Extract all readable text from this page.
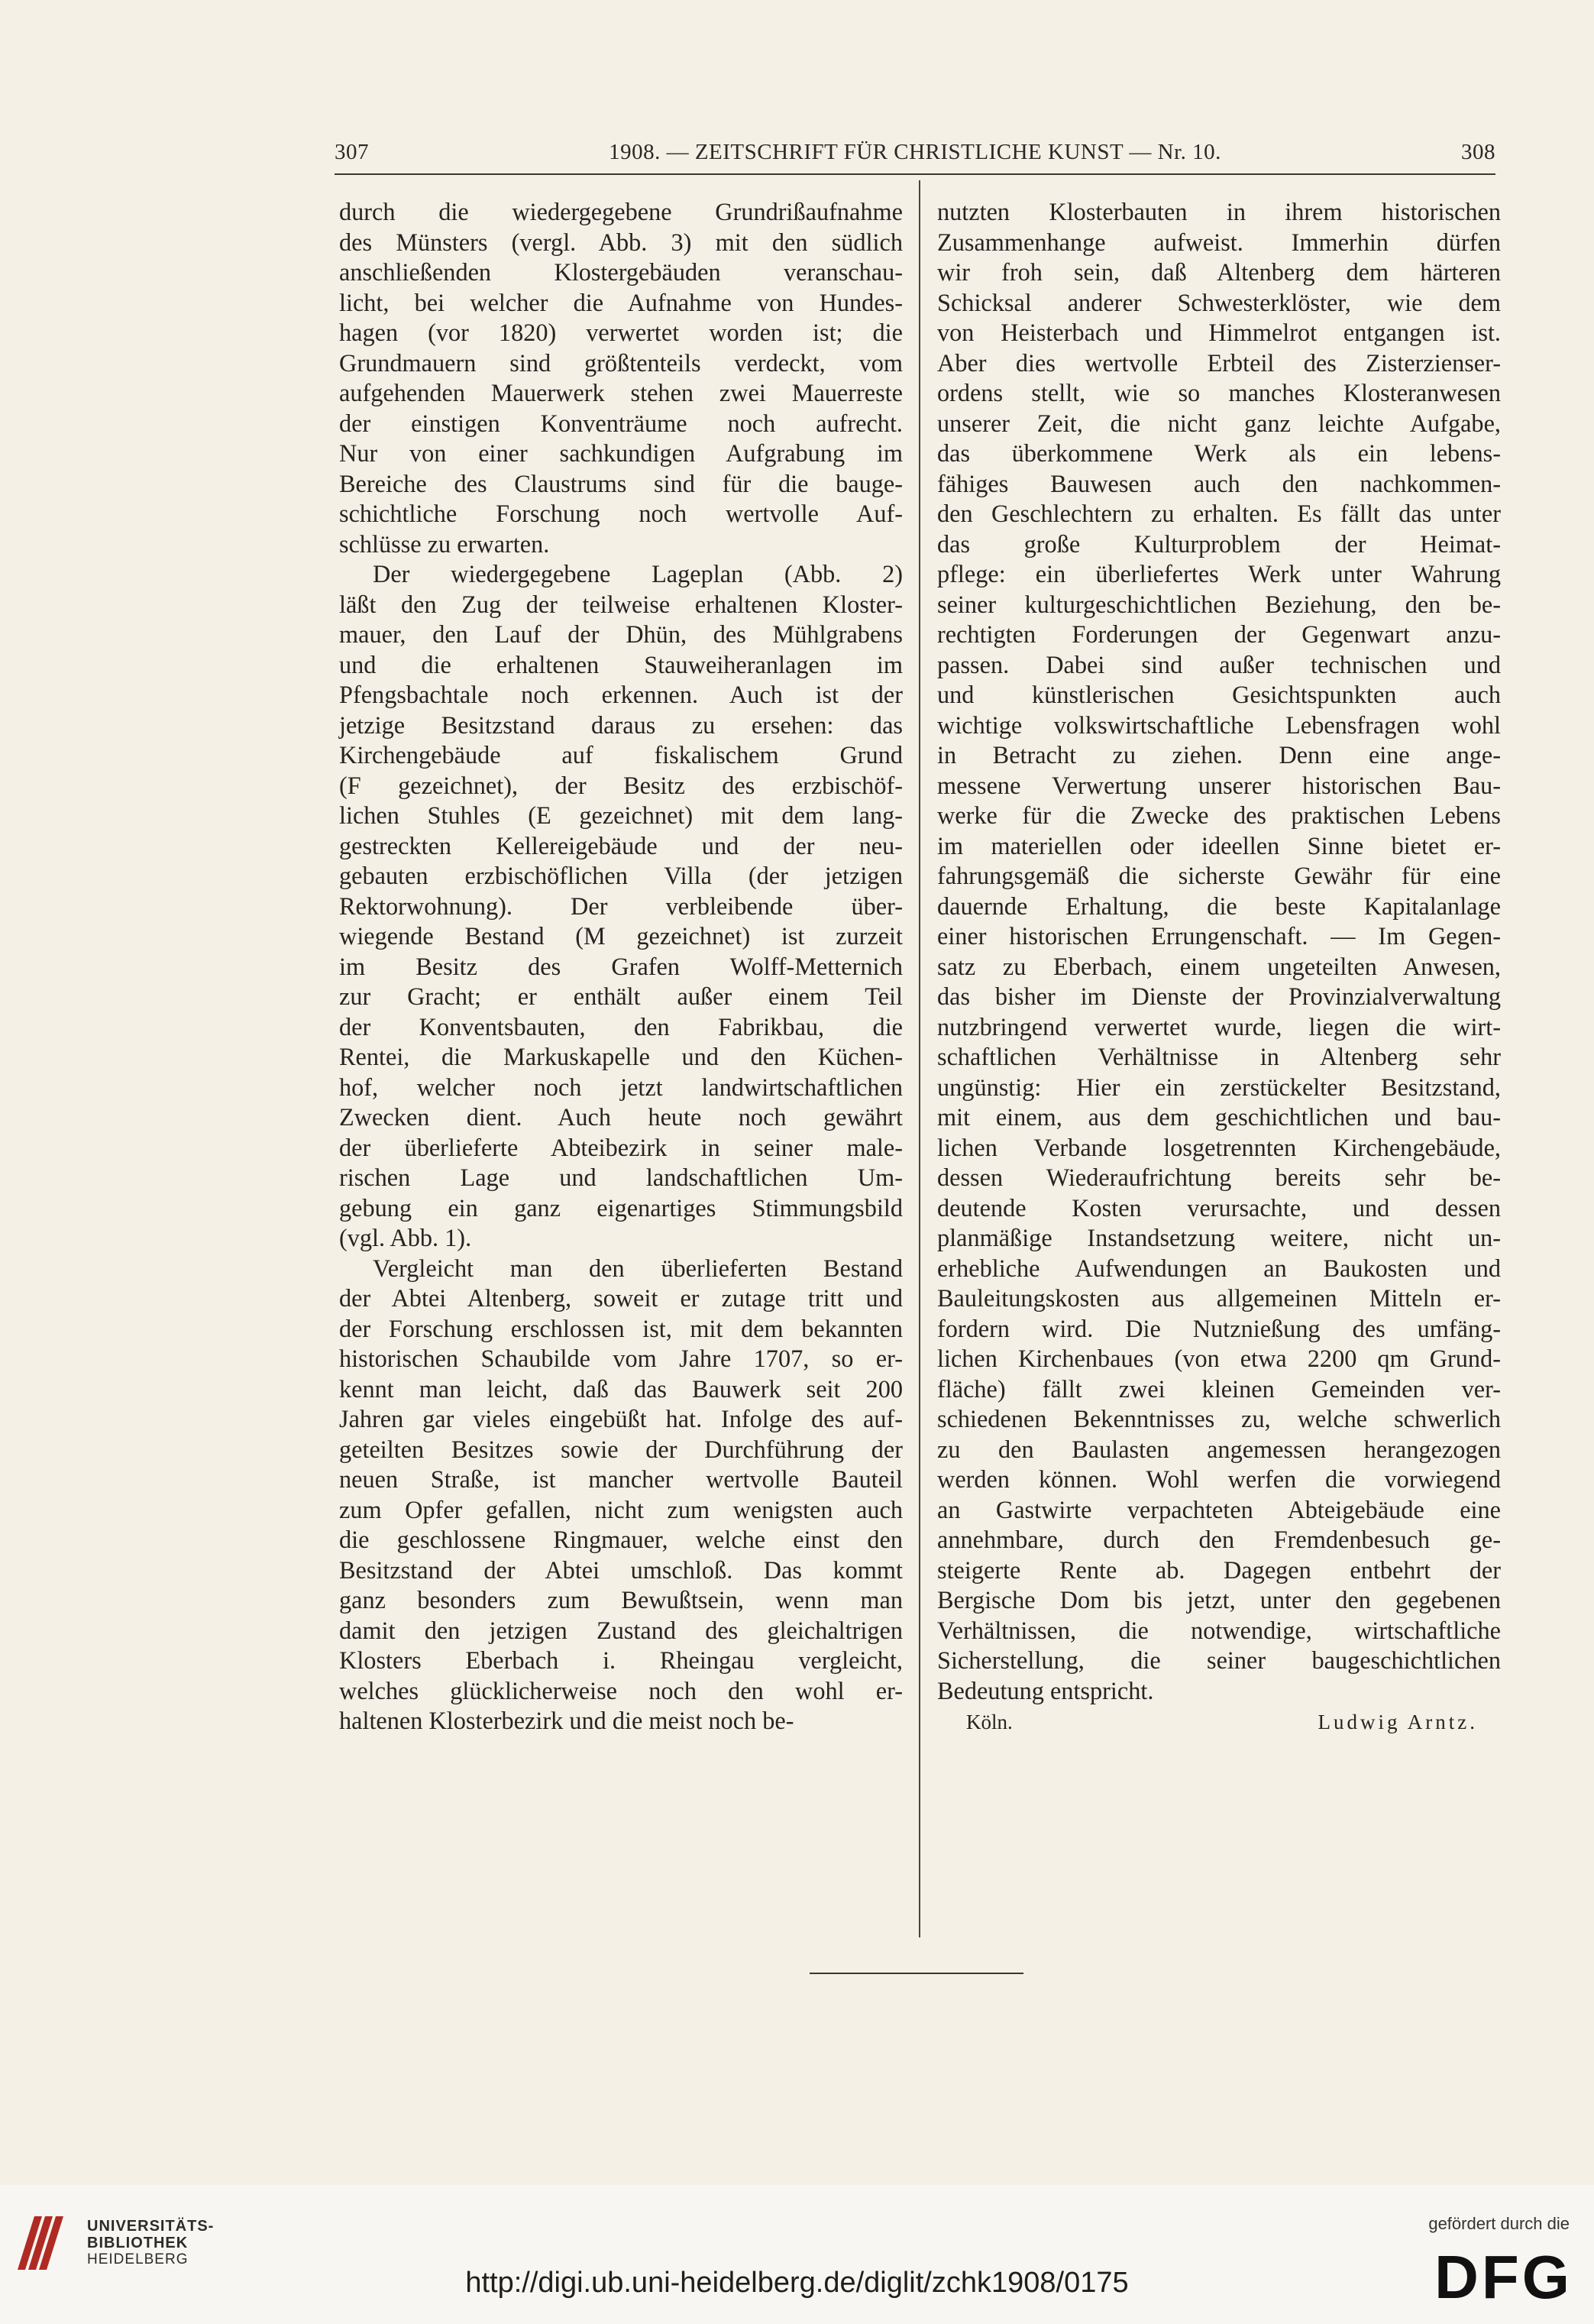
307	1908. — ZEITSCHRIFT FÜR CHRISTLICHE KUNST — Nr. 10.	308
durch die wiedergegebene Grundrißaufnahme
des Münsters (vergl. Abb. 3) mit den südlich
anschließenden Klostergebäuden veranschau-
licht, bei welcher die Aufnahme von Hundes-
hagen (vor 1820) verwertet worden ist; die
Grundmauern sind größtenteils verdeckt, vom
aufgehenden Mauerwerk stehen zwei Mauerreste
der einstigen Konventräume noch aufrecht.
Nur von einer sachkundigen Aufgrabung im
Bereiche des Claustrums sind für die bauge-
schichtliche Forschung noch wertvolle Auf-
schlüsse zu erwarten.
Der wiedergegebene Lageplan (Abb. 2)
läßt den Zug der teilweise erhaltenen Kloster-
mauer, den Lauf der Dhün, des Mühlgrabens
und die erhaltenen Stauweiheranlagen im
Pfengsbachtale noch erkennen. Auch ist der
jetzige Besitzstand daraus zu ersehen: das
Kirchengebäude auf fiskalischem Grund
(F gezeichnet), der Besitz des erzbischöf-
lichen Stuhles (E gezeichnet) mit dem lang-
gestreckten Kellereigebäude und der neu-
gebauten erzbischöflichen Villa (der jetzigen
Rektorwohnung). Der verbleibende über-
wiegende Bestand (M gezeichnet) ist zurzeit
im Besitz des Grafen Wolff-Metternich
zur Gracht; er enthält außer einem Teil
der Konventsbauten, den Fabrikbau, die
Rentei, die Markuskapelle und den Küchen-
hof, welcher noch jetzt landwirtschaftlichen
Zwecken dient. Auch heute noch gewährt
der überlieferte Abteibezirk in seiner male-
rischen Lage und landschaftlichen Um-
gebung ein ganz eigenartiges Stimmungsbild
(vgl. Abb. 1).
Vergleicht man den überlieferten Bestand
der Abtei Altenberg, soweit er zutage tritt und
der Forschung erschlossen ist, mit dem bekannten
historischen Schaubilde vom Jahre 1707, so er-
kennt man leicht, daß das Bauwerk seit 200
Jahren gar vieles eingebüßt hat. Infolge des auf-
geteilten Besitzes sowie der Durchführung der
neuen Straße, ist mancher wertvolle Bauteil
zum Opfer gefallen, nicht zum wenigsten auch
die geschlossene Ringmauer, welche einst den
Besitzstand der Abtei umschloß. Das kommt
ganz besonders zum Bewußtsein, wenn man
damit den jetzigen Zustand des gleichaltrigen
Klosters Eberbach i. Rheingau vergleicht,
welches glücklicherweise noch den wohl er-
haltenen Klosterbezirk und die meist noch be-
nutzten Klosterbauten in ihrem historischen
Zusammenhange aufweist. Immerhin dürfen
wir froh sein, daß Altenberg dem härteren
Schicksal anderer Schwesterklöster, wie dem
von Heisterbach und Himmelrot entgangen ist.
Aber dies wertvolle Erbteil des Zisterzienser-
ordens stellt, wie so manches Klosteranwesen
unserer Zeit, die nicht ganz leichte Aufgabe,
das überkommene Werk als ein lebens-
fähiges Bauwesen auch den nachkommen-
den Geschlechtern zu erhalten. Es fällt das unter
das große Kulturproblem der Heimat-
pflege: ein überliefertes Werk unter Wahrung
seiner kulturgeschichtlichen Beziehung, den be-
rechtigten Forderungen der Gegenwart anzu-
passen. Dabei sind außer technischen und
und künstlerischen Gesichtspunkten auch
wichtige volkswirtschaftliche Lebensfragen wohl
in Betracht zu ziehen. Denn eine ange-
messene Verwertung unserer historischen Bau-
werke für die Zwecke des praktischen Lebens
im materiellen oder ideellen Sinne bietet er-
fahrungsgemäß die sicherste Gewähr für eine
dauernde Erhaltung, die beste Kapitalanlage
einer historischen Errungenschaft. — Im Gegen-
satz zu Eberbach, einem ungeteilten Anwesen,
das bisher im Dienste der Provinzialverwaltung
nutzbringend verwertet wurde, liegen die wirt-
schaftlichen Verhältnisse in Altenberg sehr
ungünstig: Hier ein zerstückelter Besitzstand,
mit einem, aus dem geschichtlichen und bau-
lichen Verbande losgetrennten Kirchengebäude,
dessen Wiederaufrichtung bereits sehr be-
deutende Kosten verursachte, und dessen
planmäßige Instandsetzung weitere, nicht un-
erhebliche Aufwendungen an Baukosten und
Bauleitungskosten aus allgemeinen Mitteln er-
fordern wird. Die Nutznießung des umfäng-
lichen Kirchenbaues (von etwa 2200 qm Grund-
fläche) fällt zwei kleinen Gemeinden ver-
schiedenen Bekenntnisses zu, welche schwerlich
zu den Baulasten angemessen herangezogen
werden können. Wohl werfen die vorwiegend
an Gastwirte verpachteten Abteigebäude eine
annehmbare, durch den Fremdenbesuch ge-
steigerte Rente ab. Dagegen entbehrt der
Bergische Dom bis jetzt, unter den gegebenen
Verhältnissen, die notwendige, wirtschaftliche
Sicherstellung, die seiner baugeschichtlichen
Bedeutung entspricht.
Köln.	Ludwig Arntz.
UNIVERSITÄTS-
BIBLIOTHEK
HEIDELBERG
http://digi.ub.uni-heidelberg.de/diglit/zchk1908/0175
gefördert durch die
DFG
